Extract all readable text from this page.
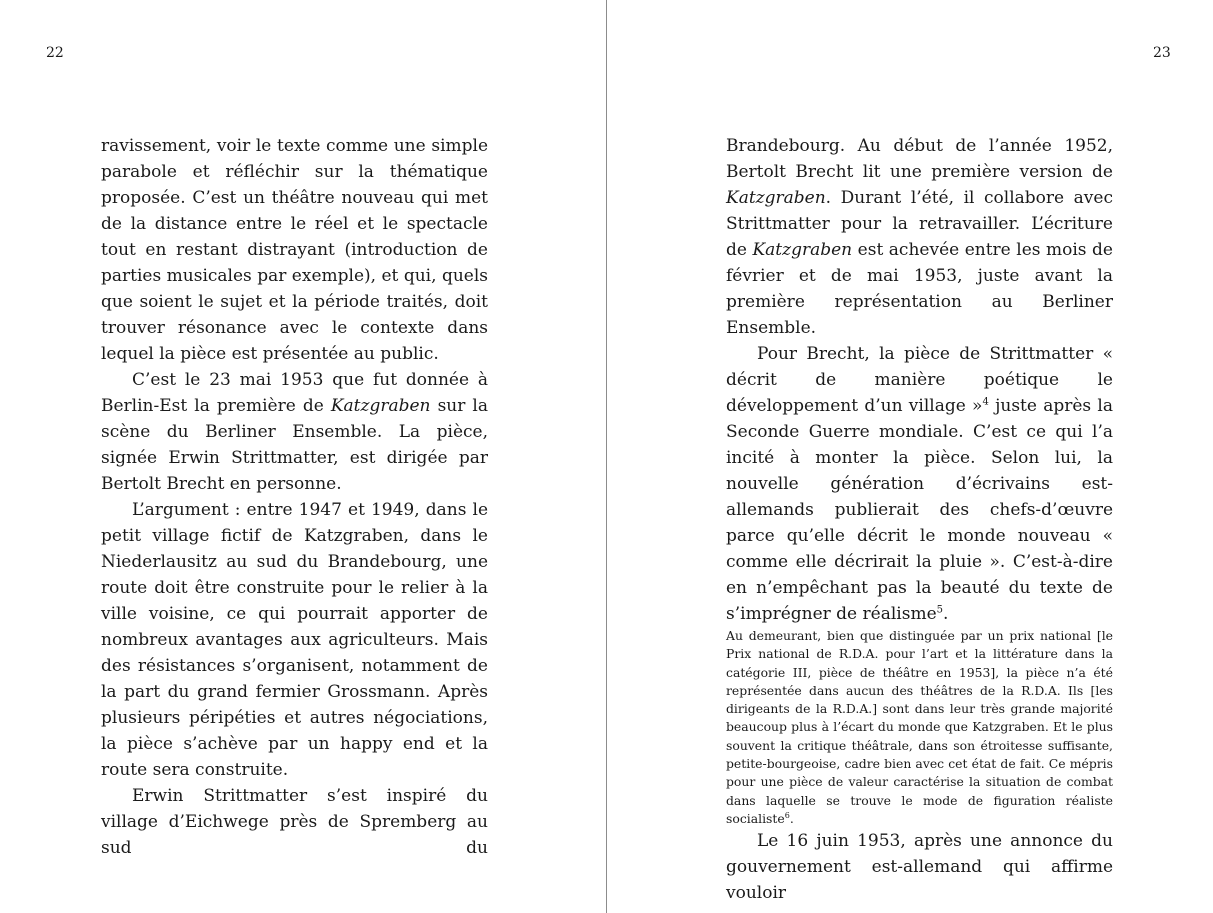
22

ravissement, voir le texte comme une simple parabole et réfléchir sur la thématique proposée. C’est un théâtre nouveau qui met de la distance entre le réel et le spectacle tout en restant distrayant (introduction de parties musicales par exemple), et qui, quels que soient le sujet et la période traités, doit trouver résonance avec le contexte dans lequel la pièce est présentée au public.

C’est le 23 mai 1953 que fut donnée à Berlin-Est la première de Katzgraben sur la scène du Berliner Ensemble. La pièce, signée Erwin Strittmatter, est dirigée par Bertolt Brecht en personne.

L’argument : entre 1947 et 1949, dans le petit village fictif de Katzgraben, dans le Niederlausitz au sud du Brandebourg, une route doit être construite pour le relier à la ville voisine, ce qui pourrait apporter de nombreux avantages aux agriculteurs. Mais des résistances s’organisent, notamment de la part du grand fermier Grossmann. Après plusieurs péripéties et autres négociations, la pièce s’achève par un happy end et la route sera construite.

Erwin Strittmatter s’est inspiré du village d’Eichwege près de Spremberg au sud du

23

Brandebourg. Au début de l’année 1952, Bertolt Brecht lit une première version de Katzgraben. Durant l’été, il collabore avec Strittmatter pour la retravailler. L’écriture de Katzgraben est achevée entre les mois de février et de mai 1953, juste avant la première représentation au Berliner Ensemble.

Pour Brecht, la pièce de Strittmatter « décrit de manière poétique le développement d’un village »$^4$ juste après la Seconde Guerre mondiale. C’est ce qui l’a incité à monter la pièce. Selon lui, la nouvelle génération d’écrivains est-allemands publierait des chefs-d’œuvre parce qu’elle décrit le monde nouveau « comme elle décrirait la pluie ». C’est-à-dire en n’empêchant pas la beauté du texte de s’imprégner de réalisme$^5$.

Au demeurant, bien que distinguée par un prix national [le Prix national de R.D.A. pour l’art et la littérature dans la catégorie III, pièce de théâtre en 1953], la pièce n’a été représentée dans aucun des théâtres de la R.D.A. Ils [les dirigeants de la R.D.A.] sont dans leur très grande majorité beaucoup plus à l’écart du monde que Katzgraben. Et le plus souvent la critique théâtrale, dans son étroitesse suffisante, petite-bourgeoise, cadre bien avec cet état de fait. Ce mépris pour une pièce de valeur caractérise la situation de combat dans laquelle se trouve le mode de figuration réaliste socialiste$^6$.

Le 16 juin 1953, après une annonce du gouvernement est-allemand qui affirme vouloir
